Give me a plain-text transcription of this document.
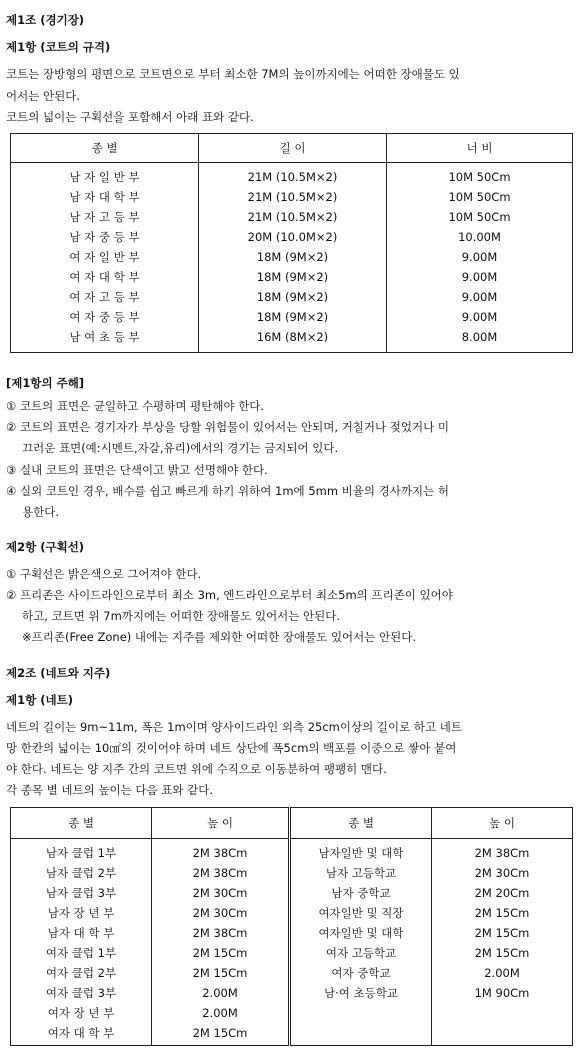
제1조 (경기장)
제1항 (코트의 규격)
코트는 장방형의 평면으로 코트면으로 부터 최소한 7M의 높이까지에는 어떠한 장애물도 있
어서는 안된다.
코트의 넓이는 구획선을 포함해서 아래 표와 같다.
종 별	길 이	너 비
남 자 일 반 부	21M (10.5M×2)	10M 50Cm
남 자 대 학 부	21M (10.5M×2)	10M 50Cm
남 자 고 등 부	21M (10.5M×2)	10M 50Cm
남 자 중 등 부	20M (10.0M×2)	10.00M
여 자 일 반 부	18M (9M×2)	9.00M
여 자 대 학 부	18M (9M×2)	9.00M
여 자 고 등 부	18M (9M×2)	9.00M
여 자 중 등 부	18M (9M×2)	9.00M
남 여 초 등 부	16M (8M×2)	8.00M
[제1항의 주해]
① 코트의 표면은 균일하고 수평하며 평탄해야 한다.
② 코트의 표면은 경기자가 부상을 당할 위험물이 있어서는 안되며, 거칠거나 젖었거나 미
끄러운 표면(예:시멘트,자갈,유리)에서의 경기는 금지되어 있다.
③ 실내 코트의 표면은 단색이고 밝고 선명해야 한다.
④ 실외 코트인 경우, 배수를 쉽고 빠르게 하기 위하여 1m에 5mm 비율의 경사까지는 허
용한다.
제2항 (구획선)
① 구획선은 밝은색으로 그어져야 한다.
② 프리존은 사이드라인으로부터 최소 3m, 엔드라인으로부터 최소5m의 프리존이 있어야
하고, 코트면 위 7m까지에는 어떠한 장애물도 있어서는 안된다.
※프리존(Free Zone) 내에는 지주를 제외한 어떠한 장애물도 있어서는 안된다.
제2조 (네트와 지주)
제1항 (네트)
네트의 길이는 9m~11m, 폭은 1m이며 양사이드라인 외측 25cm이상의 길이로 하고 네트
망 한칸의 넓이는 10㎠의 것이어야 하며 네트 상단에 폭5cm의 백포를 이중으로 쌓아 붙여
야 한다. 네트는 양 지주 간의 코트면 위에 수직으로 이동분하여 팽팽히 맨다.
각 종목 별 네트의 높이는 다음 표와 같다.
종 별	높 이	종 별	높 이
남자 클럽 1부	2M 38Cm	남자일반 및 대학	2M 38Cm
남자 클럽 2부	2M 38Cm	남자 고등학교	2M 30Cm
남자 클럽 3부	2M 30Cm	남자 중학교	2M 20Cm
남자 장 년 부	2M 30Cm	여자일반 및 직장	2M 15Cm
남자 대 학 부	2M 38Cm	여자일반 및 대학	2M 15Cm
여자 클럽 1부	2M 15Cm	여자 고등학교	2M 15Cm
여자 클럽 2부	2M 15Cm	여자 중학교	2.00M
여자 클럽 3부	2.00M	남·여 초등학교	1M 90Cm
여자 장 년 부	2.00M		
여자 대 학 부	2M 15Cm		
